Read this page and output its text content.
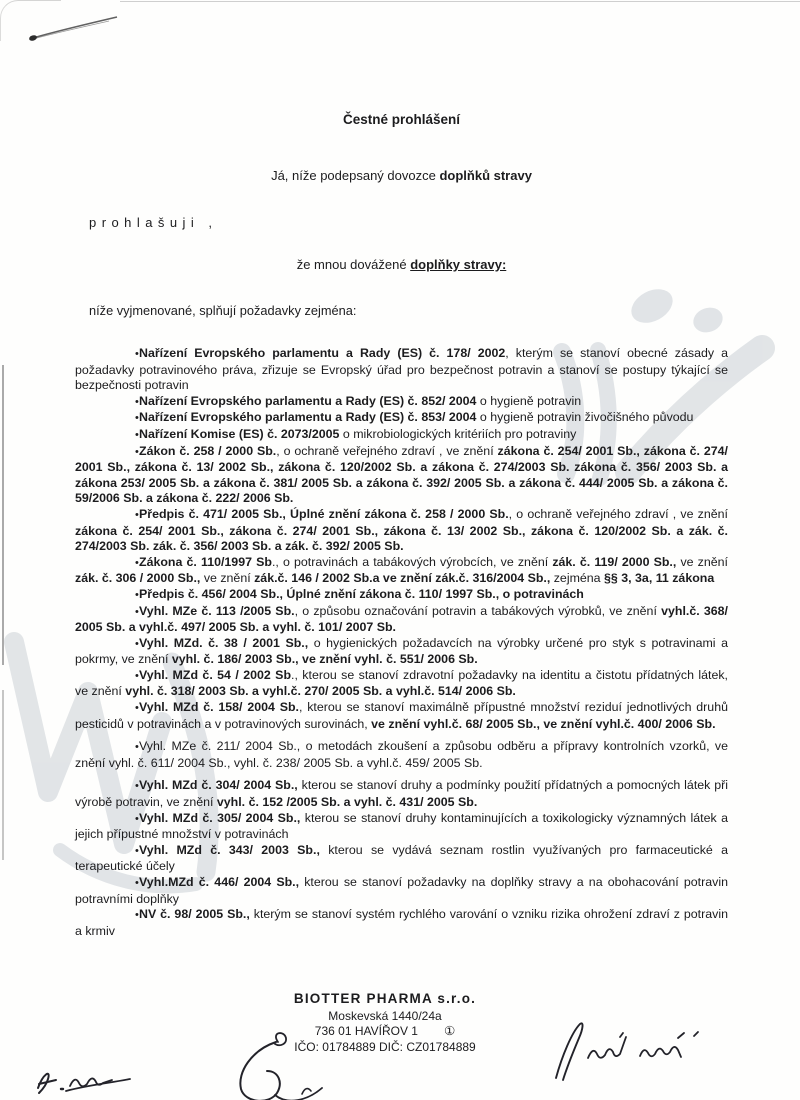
Čestné prohlášení

Já, níže podepsaný dovozce doplňků stravy

prohlašuji ,

že mnou dovážené doplňky stravy:

níže vyjmenované, splňují požadavky zejména:

•Nařízení Evropského parlamentu a Rady (ES) č. 178/ 2002, kterým se stanoví obecné zásady a požadavky potravinového práva, zřizuje se Evropský úřad pro bezpečnost potravin a stanoví se postupy týkající se bezpečnosti potravin
•Nařízení Evropského parlamentu a Rady (ES) č. 852/ 2004 o hygieně potravin
•Nařízení Evropského parlamentu a Rady (ES) č. 853/ 2004 o hygieně potravin živočišného původu
•Nařízení Komise (ES) č. 2073/2005 o mikrobiologických kritériích pro potraviny
•Zákon č. 258 / 2000 Sb., o ochraně veřejného zdraví , ve znění zákona č. 254/ 2001 Sb., zákona č. 274/ 2001 Sb., zákona č. 13/ 2002 Sb., zákona č. 120/2002 Sb. a zákona č. 274/2003 Sb. zákona č. 356/ 2003 Sb. a zákona 253/ 2005 Sb. a zákona č. 381/ 2005 Sb. a zákona č. 392/ 2005 Sb. a zákona č. 444/ 2005 Sb. a zákona č. 59/2006 Sb. a zákona č. 222/ 2006 Sb.
•Předpis č. 471/ 2005 Sb., Úplné znění zákona č. 258 / 2000 Sb., o ochraně veřejného zdraví , ve znění zákona č. 254/ 2001 Sb., zákona č. 274/ 2001 Sb., zákona č. 13/ 2002 Sb., zákona č. 120/2002 Sb. a zák. č. 274/2003 Sb. zák. č. 356/ 2003 Sb. a zák. č. 392/ 2005 Sb.
•Zákona č. 110/1997 Sb., o potravinách a tabákových výrobcích, ve znění zák. č. 119/ 2000 Sb., ve znění zák. č. 306 / 2000 Sb., ve znění zák.č. 146 / 2002 Sb.a ve znění zák.č. 316/2004 Sb., zejména §§ 3, 3a, 11 zákona
•Předpis č. 456/ 2004 Sb., Úplné znění zákona č. 110/ 1997 Sb., o potravinách
•Vyhl. MZe č. 113 /2005 Sb., o způsobu označování potravin a tabákových výrobků, ve znění vyhl.č. 368/ 2005 Sb. a vyhl.č. 497/ 2005 Sb. a vyhl. č. 101/ 2007 Sb.
•Vyhl. MZd. č. 38 / 2001 Sb., o hygienických požadavcích na výrobky určené pro styk s potravinami a pokrmy, ve znění vyhl. č. 186/ 2003 Sb., ve znění vyhl. č. 551/ 2006 Sb.
•Vyhl. MZd č. 54 / 2002 Sb., kterou se stanoví zdravotní požadavky na identitu a čistotu přídatných látek, ve znění vyhl. č. 318/ 2003 Sb. a vyhl.č. 270/ 2005 Sb. a vyhl.č. 514/ 2006 Sb.
•Vyhl. MZd č. 158/ 2004 Sb., kterou se stanoví maximálně přípustné množství reziduí jednotlivých druhů pesticidů v potravinách a v potravinových surovinách, ve znění vyhl.č. 68/ 2005 Sb., ve znění vyhl.č. 400/ 2006 Sb.
•Vyhl. MZe č. 211/ 2004 Sb., o metodách zkoušení a způsobu odběru a přípravy kontrolních vzorků, ve znění vyhl. č. 611/ 2004 Sb., vyhl. č. 238/ 2005 Sb. a vyhl.č. 459/ 2005 Sb.
•Vyhl. MZd č. 304/ 2004 Sb., kterou se stanoví druhy a podmínky použití přídatných a pomocných látek při výrobě potravin, ve znění vyhl. č. 152 /2005 Sb. a vyhl. č. 431/ 2005 Sb.
•Vyhl. MZd č. 305/ 2004 Sb., kterou se stanoví druhy kontaminujících a toxikologicky významných látek a jejich přípustné množství v potravinách
•Vyhl. MZd č. 343/ 2003 Sb., kterou se vydává seznam rostlin využívaných pro farmaceutické a terapeutické účely
•Vyhl.MZd č. 446/ 2004 Sb., kterou se stanoví požadavky na doplňky stravy a na obohacování potravin potravními doplňky
•NV č. 98/ 2005 Sb., kterým se stanoví systém rychlého varování o vzniku rizika ohrožení zdraví z potravin a krmiv
BIOTTER PHARMA s.r.o.
Moskevská 1440/24a
736 01 HAVÍŘOV 1 ①
IČO: 01784889 DIČ: CZ01784889
